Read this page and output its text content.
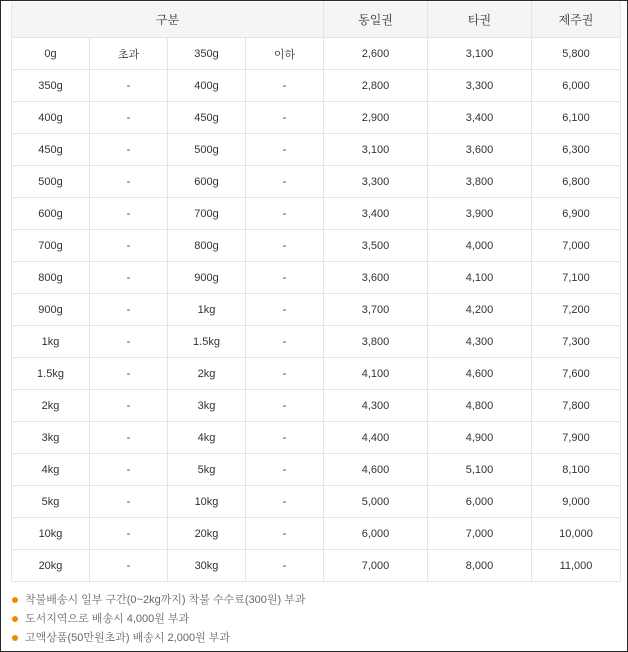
구분				동일권	타권	제주권
0g	초과	350g	이하	2,600	3,100	5,800
350g	-	400g	-	2,800	3,300	6,000
400g	-	450g	-	2,900	3,400	6,100
450g	-	500g	-	3,100	3,600	6,300
500g	-	600g	-	3,300	3,800	6,800
600g	-	700g	-	3,400	3,900	6,900
700g	-	800g	-	3,500	4,000	7,000
800g	-	900g	-	3,600	4,100	7,100
900g	-	1kg	-	3,700	4,200	7,200
1kg	-	1.5kg	-	3,800	4,300	7,300
1.5kg	-	2kg	-	4,100	4,600	7,600
2kg	-	3kg	-	4,300	4,800	7,800
3kg	-	4kg	-	4,400	4,900	7,900
4kg	-	5kg	-	4,600	5,100	8,100
5kg	-	10kg	-	5,000	6,000	9,000
10kg	-	20kg	-	6,000	7,000	10,000
20kg	-	30kg	-	7,000	8,000	11,000
착불배송시 일부 구간(0~2kg까지) 착불 수수료(300원) 부과
도서지역으로 배송시 4,000원 부과
고액상품(50만원초과) 배송시 2,000원 부과
